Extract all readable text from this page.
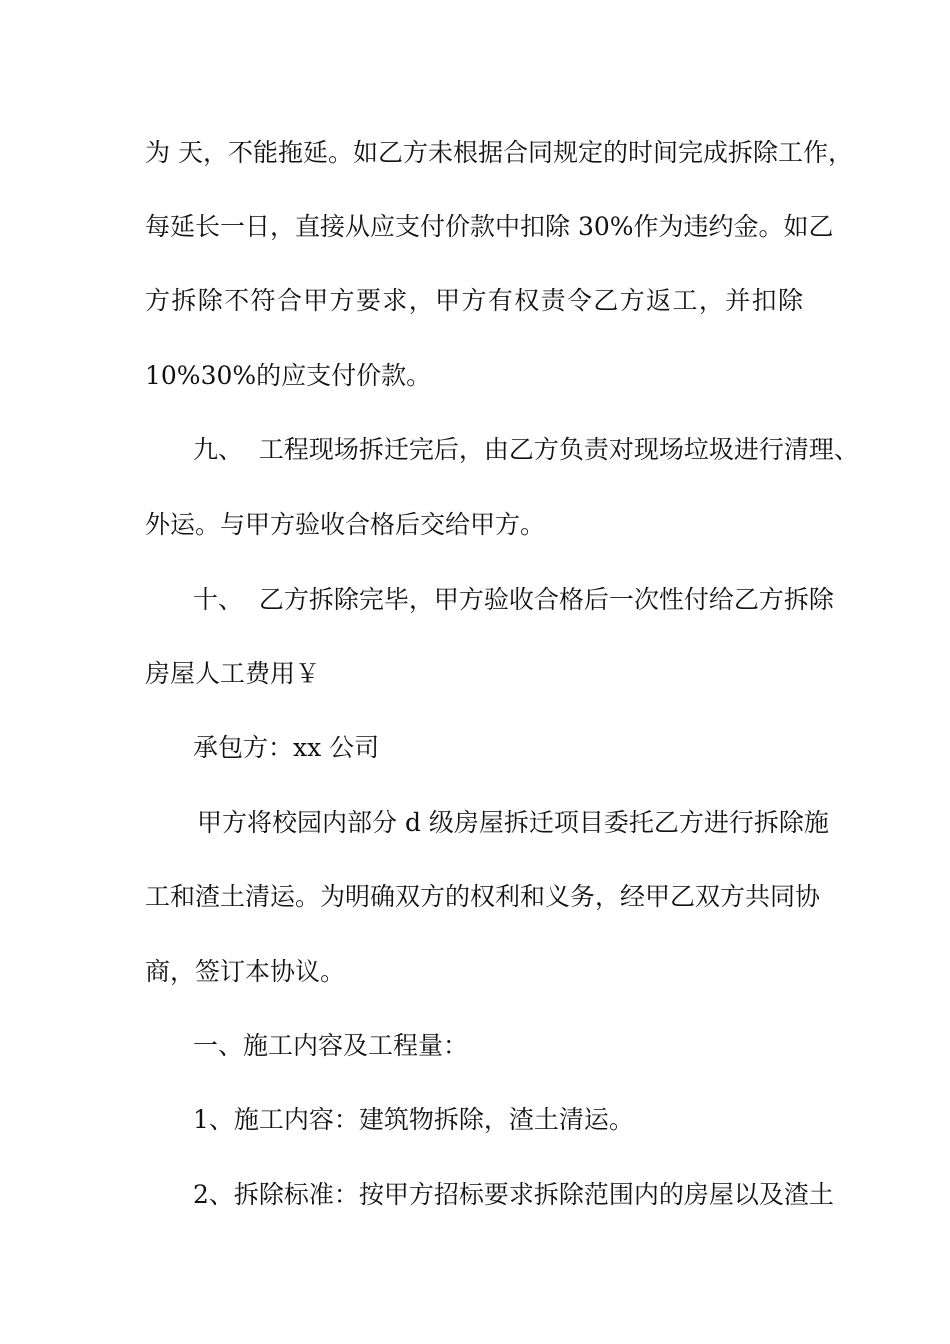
为 天，不能拖延。如乙方未根据合同规定的时间完成拆除工作，
每延长一日，直接从应支付价款中扣除 30%作为违约金。如乙
方拆除不符合甲方要求，甲方有权责令乙方返工，并扣除
10%30%的应支付价款。
九、  工程现场拆迁完后，由乙方负责对现场垃圾进行清理、
外运。与甲方验收合格后交给甲方。
十、  乙方拆除完毕，甲方验收合格后一次性付给乙方拆除
房屋人工费用￥
承包方：xx 公司
甲方将校园内部分 d 级房屋拆迁项目委托乙方进行拆除施
工和渣土清运。为明确双方的权利和义务，经甲乙双方共同协
商，签订本协议。
一、施工内容及工程量：
1、施工内容：建筑物拆除，渣土清运。
2、拆除标准：按甲方招标要求拆除范围内的房屋以及渣土
